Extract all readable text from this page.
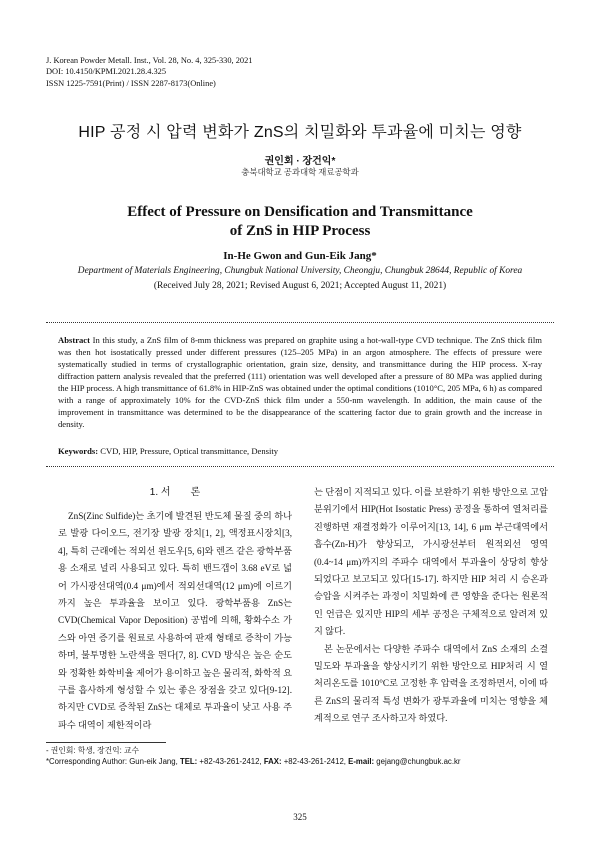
J. Korean Powder Metall. Inst., Vol. 28, No. 4, 325-330, 2021
DOI: 10.4150/KPMI.2021.28.4.325
ISSN 1225-7591(Print) / ISSN 2287-8173(Online)
HIP 공정 시 압력 변화가 ZnS의 치밀화와 투과율에 미치는 영향
권인회 · 장건익*
충북대학교 공과대학 재료공학과
Effect of Pressure on Densification and Transmittance
of ZnS in HIP Process
In-He Gwon and Gun-Eik Jang*
Department of Materials Engineering, Chungbuk National University, Cheongju, Chungbuk 28644, Republic of Korea
(Received July 28, 2021; Revised August 6, 2021; Accepted August 11, 2021)
Abstract In this study, a ZnS film of 8-mm thickness was prepared on graphite using a hot-wall-type CVD technique. The ZnS thick film was then hot isostatically pressed under different pressures (125–205 MPa) in an argon atmosphere. The effects of pressure were systematically studied in terms of crystallographic orientation, grain size, density, and transmittance during the HIP process. X-ray diffraction pattern analysis revealed that the preferred (111) orientation was well developed after a pressure of 80 MPa was applied during the HIP process. A high transmittance of 61.8% in HIP-ZnS was obtained under the optimal conditions (1010°C, 205 MPa, 6 h) as compared with a range of approximately 10% for the CVD-ZnS thick film under a 550-nm wavelength. In addition, the main cause of the improvement in transmittance was determined to be the disappearance of the scattering factor due to grain growth and the increase in density.
Keywords: CVD, HIP, Pressure, Optical transmittance, Density
1. 서　　론

ZnS(Zinc Sulfide)는 초기에 발견된 반도체 물질 중의 하나로 발광 다이오드, 전기장 발광 장치[1, 2], 액정표시장치[3, 4], 특히 근래에는 적외선 윈도우[5, 6]와 렌즈 같은 광학부품용 소재로 널리 사용되고 있다. 특히 밴드갭이 3.68 eV로 넓어 가시광선대역(0.4 μm)에서 적외선대역(12 μm)에 이르기까지 높은 투과율을 보이고 있다. 광학부품용 ZnS는 CVD(Chemical Vapor Deposition) 공법에 의해, 황화수소 가스와 아연 증기를 원료로 사용하여 판재 형태로 증착이 가능하며, 불투명한 노란색을 띈다[7, 8]. CVD 방식은 높은 순도와 정확한 화학비율 제어가 용이하고 높은 물리적, 화학적 요구를 흡사하게 형성할 수 있는 좋은 장점을 갖고 있다[9-12]. 하지만 CVD로 증착된 ZnS는 대체로 투과율이 낮고 사용 주파수 대역이 제한적이라

는 단점이 지적되고 있다. 이를 보완하기 위한 방안으로 고압분위기에서 HIP(Hot Isostatic Press) 공정을 통하여 열처리를 진행하면 재결정화가 이루어지[13, 14], 6 μm 부근대역에서 흡수(Zn-H)가 향상되고, 가시광선부터 원적외선 영역(0.4~14 μm)까지의 주파수 대역에서 투과율이 상당히 향상되었다고 보고되고 있다[15-17]. 하지만 HIP 처리 시 승온과 승압을 시켜주는 과정이 치밀화에 큰 영향을 준다는 원론적인 언급은 있지만 HIP의 세부 공정은 구체적으로 알려져 있지 않다.

본 논문에서는 다양한 주파수 대역에서 ZnS 소재의 소결 밀도와 투과율을 향상시키기 위한 방안으로 HIP처리 시 열처리온도를 1010°C로 고정한 후 압력을 조정하면서, 이에 따른 ZnS의 물리적 특성 변화가 광투과율에 미치는 영향을 체계적으로 연구 조사하고자 하였다.

- 권인회: 학생, 장건익: 교수
*Corresponding Author: Gun-eik Jang, TEL: +82-43-261-2412, FAX: +82-43-261-2412, E-mail: gejang@chungbuk.ac.kr
325
